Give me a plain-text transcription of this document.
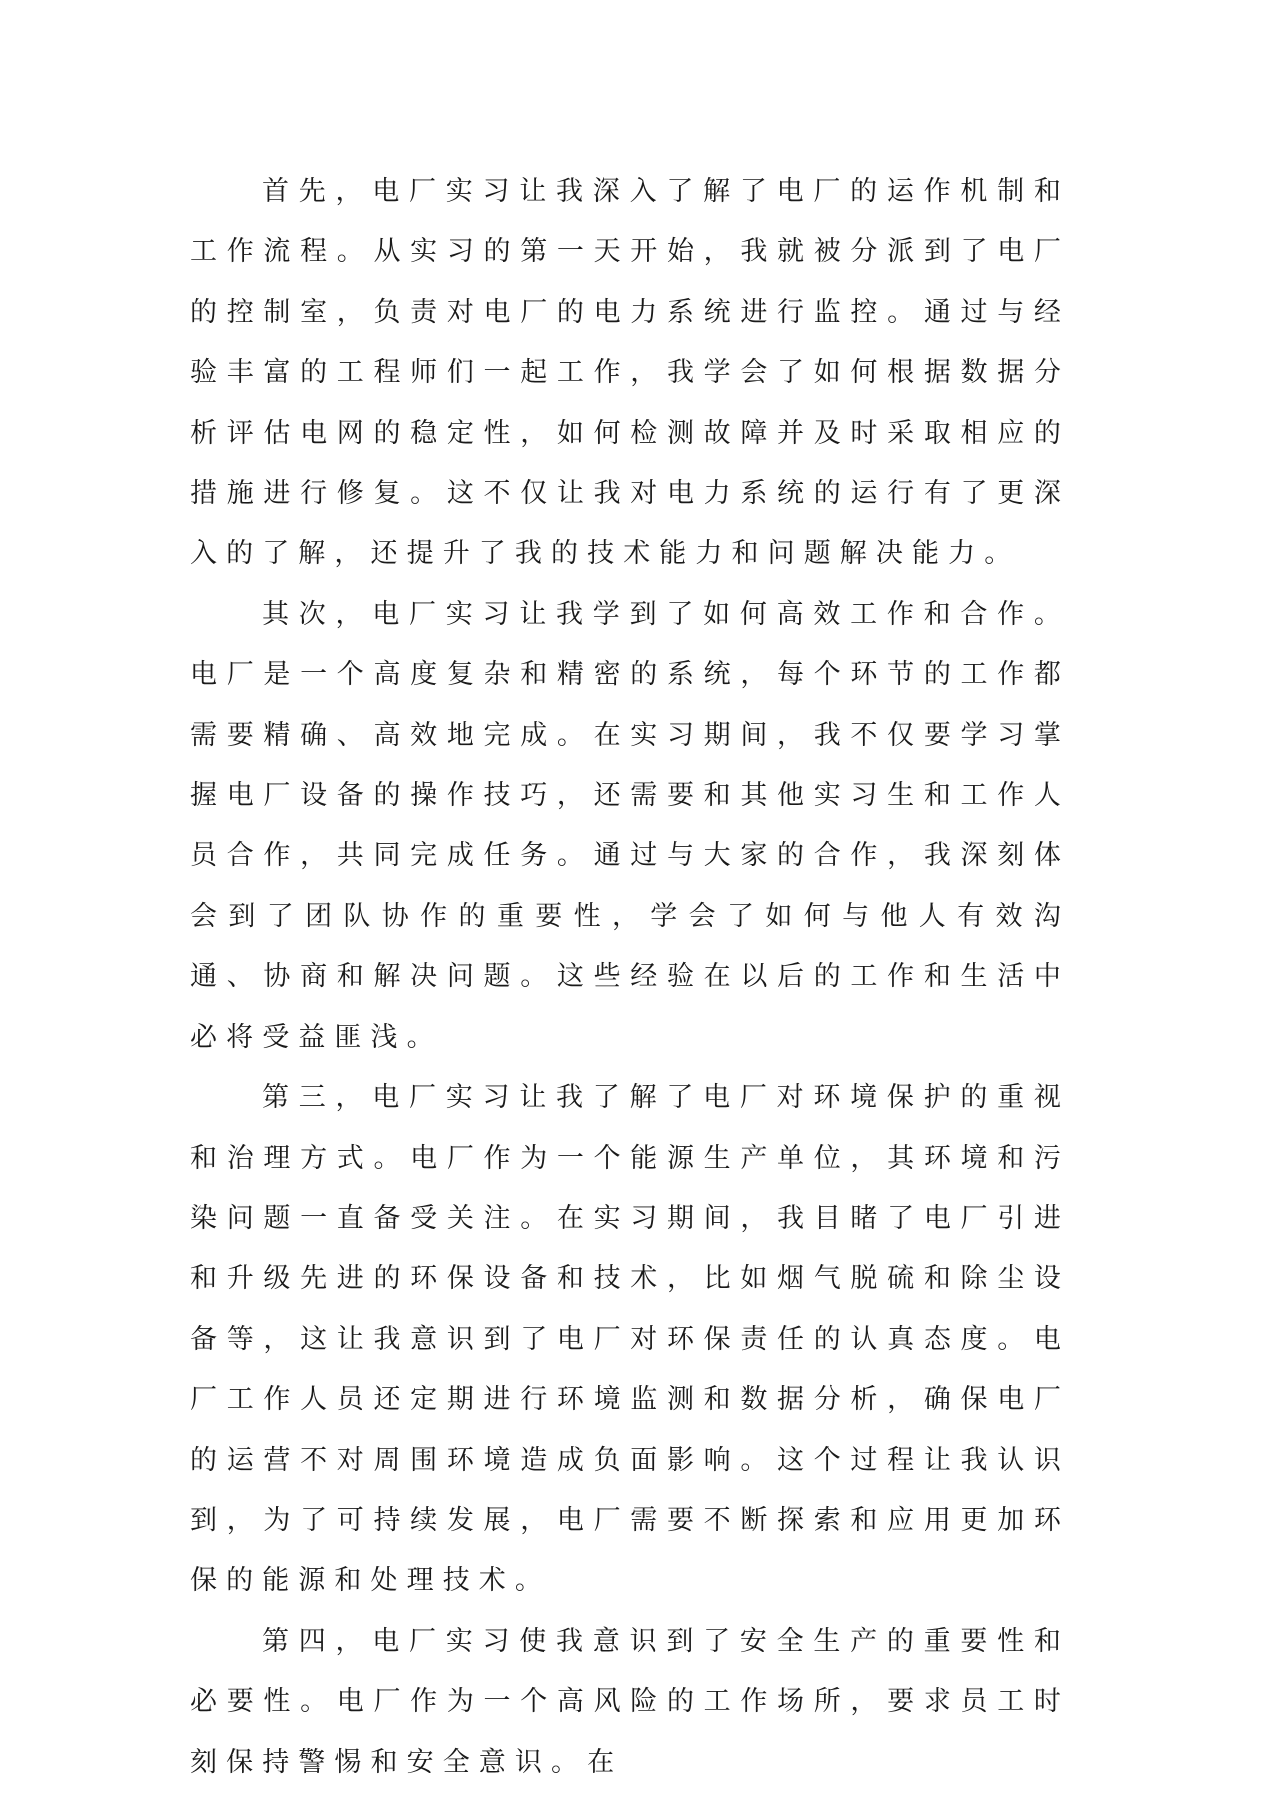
首先，电厂实习让我深入了解了电厂的运作机制和工作流程。从实习的第一天开始，我就被分派到了电厂的控制室，负责对电厂的电力系统进行监控。通过与经验丰富的工程师们一起工作，我学会了如何根据数据分析评估电网的稳定性，如何检测故障并及时采取相应的措施进行修复。这不仅让我对电力系统的运行有了更深入的了解，还提升了我的技术能力和问题解决能力。

其次，电厂实习让我学到了如何高效工作和合作。电厂是一个高度复杂和精密的系统，每个环节的工作都需要精确、高效地完成。在实习期间，我不仅要学习掌握电厂设备的操作技巧，还需要和其他实习生和工作人员合作，共同完成任务。通过与大家的合作，我深刻体会到了团队协作的重要性，学会了如何与他人有效沟通、协商和解决问题。这些经验在以后的工作和生活中必将受益匪浅。

第三，电厂实习让我了解了电厂对环境保护的重视和治理方式。电厂作为一个能源生产单位，其环境和污染问题一直备受关注。在实习期间，我目睹了电厂引进和升级先进的环保设备和技术，比如烟气脱硫和除尘设备等，这让我意识到了电厂对环保责任的认真态度。电厂工作人员还定期进行环境监测和数据分析，确保电厂的运营不对周围环境造成负面影响。这个过程让我认识到，为了可持续发展，电厂需要不断探索和应用更加环保的能源和处理技术。

第四，电厂实习使我意识到了安全生产的重要性和必要性。电厂作为一个高风险的工作场所，要求员工时刻保持警惕和安全意识。在
